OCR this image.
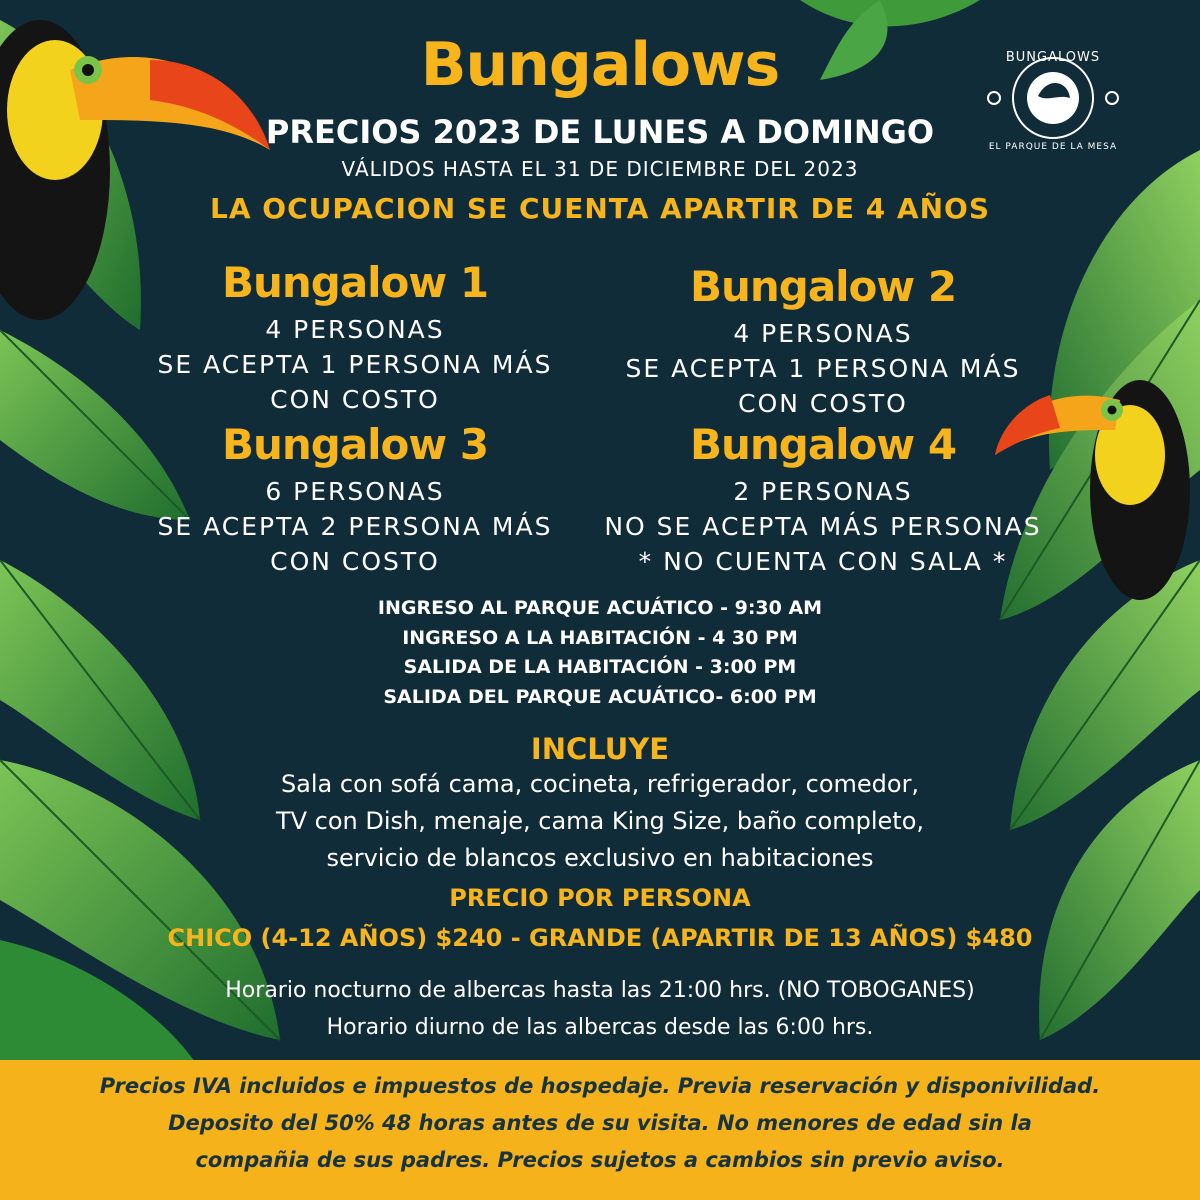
BUNGALOWS
EL PARQUE DE LA MESA
Bungalows
PRECIOS 2023 DE LUNES A DOMINGO
VÁLIDOS HASTA EL 31 DE DICIEMBRE DEL 2023
LA OCUPACION SE CUENTA APARTIR DE 4 AÑOS
Bungalow 1
4 PERSONAS
SE ACEPTA 1 PERSONA MÁS
CON COSTO
Bungalow 2
4 PERSONAS
SE ACEPTA 1 PERSONA MÁS
CON COSTO
Bungalow 3
6 PERSONAS
SE ACEPTA 2 PERSONA MÁS
CON COSTO
Bungalow 4
2 PERSONAS
NO SE ACEPTA MÁS PERSONAS
* NO CUENTA CON SALA *
INGRESO AL PARQUE ACUÁTICO - 9:30 AM
INGRESO A LA HABITACIÓN - 4 30 PM
SALIDA DE LA HABITACIÓN - 3:00 PM
SALIDA DEL PARQUE ACUÁTICO- 6:00 PM
INCLUYE
Sala con sofá cama, cocineta, refrigerador, comedor,
TV con Dish, menaje, cama King Size, baño completo,
servicio de blancos exclusivo en habitaciones
PRECIO POR PERSONA
CHICO (4-12 AÑOS) $240 - GRANDE (APARTIR DE 13 AÑOS) $480
Horario nocturno de albercas hasta las 21:00 hrs. (NO TOBOGANES)
Horario diurno de las albercas desde las 6:00 hrs.
Precios IVA incluidos e impuestos de hospedaje. Previa reservación y disponivilidad.
Deposito del 50% 48 horas antes de su visita. No menores de edad sin la
compañia de sus padres. Precios sujetos a cambios sin previo aviso.
